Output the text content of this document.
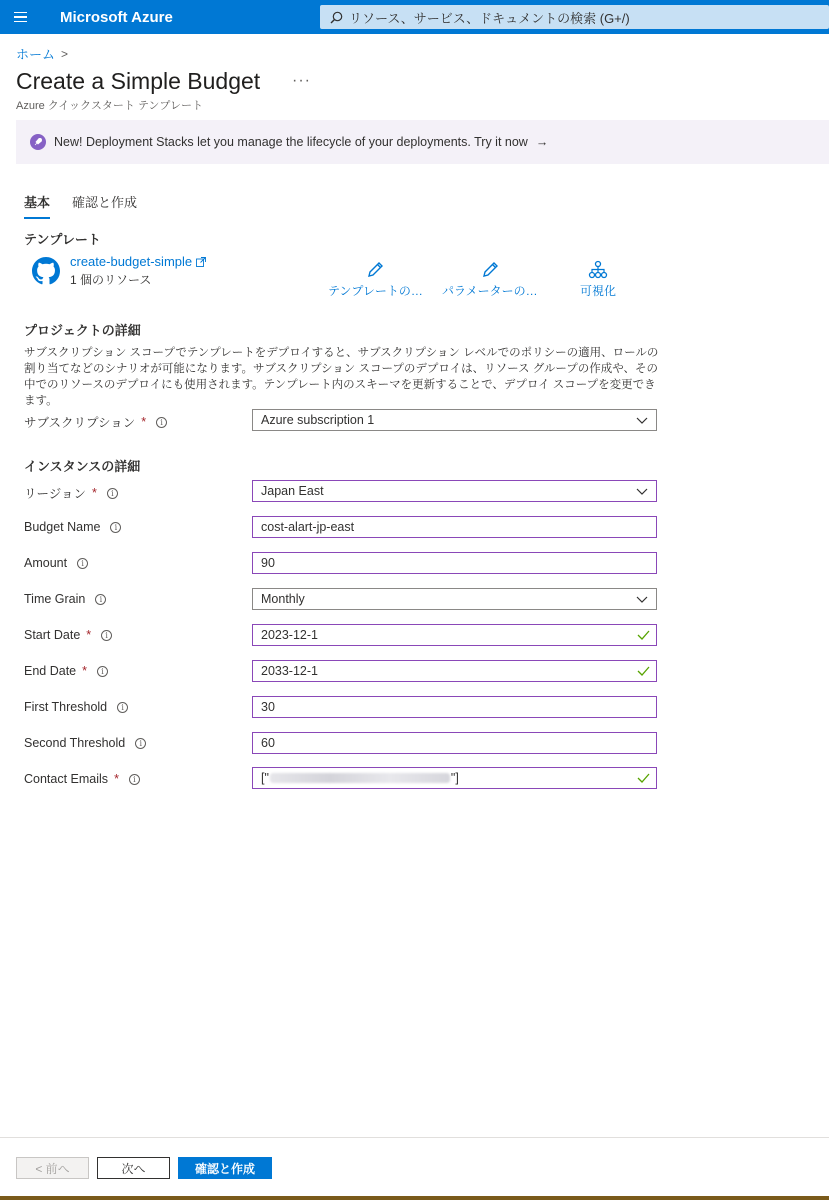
Microsoft Azure	リソース、サービス、ドキュメントの検索 (G+/)
ホーム >
Create a Simple Budget ···
Azure クイックスタート テンプレート
New! Deployment Stacks let you manage the lifecycle of your deployments. Try it now →
基本 確認と作成
テンプレート
create-budget-simple
1 個のリソース
テンプレートの… パラメーターの…	可視化
プロジェクトの詳細
サブスクリプション スコープでテンプレートをデプロイすると、サブスクリプション レベルでのポリシーの適用、ロールの割り当てなどのシナリオが可能になります。サブスクリプション スコープのデプロイは、リソース グループの作成や、その中でのリソースのデプロイにも使用されます。テンプレート内のスキーマを更新することで、デプロイ スコープを変更できます。
サブスクリプション *	i	Azure subscription 1
インスタンスの詳細
リージョン *	i	Japan East
Budget Name	i	cost-alart-jp-east
Amount	i	90
Time Grain	i	Monthly
Start Date *	i	2023-12-1
End Date *	i	2033-12-1
First Threshold	i	30
Second Threshold	i	60
Contact Emails *	i	["	"]
< 前へ	次へ	確認と作成
